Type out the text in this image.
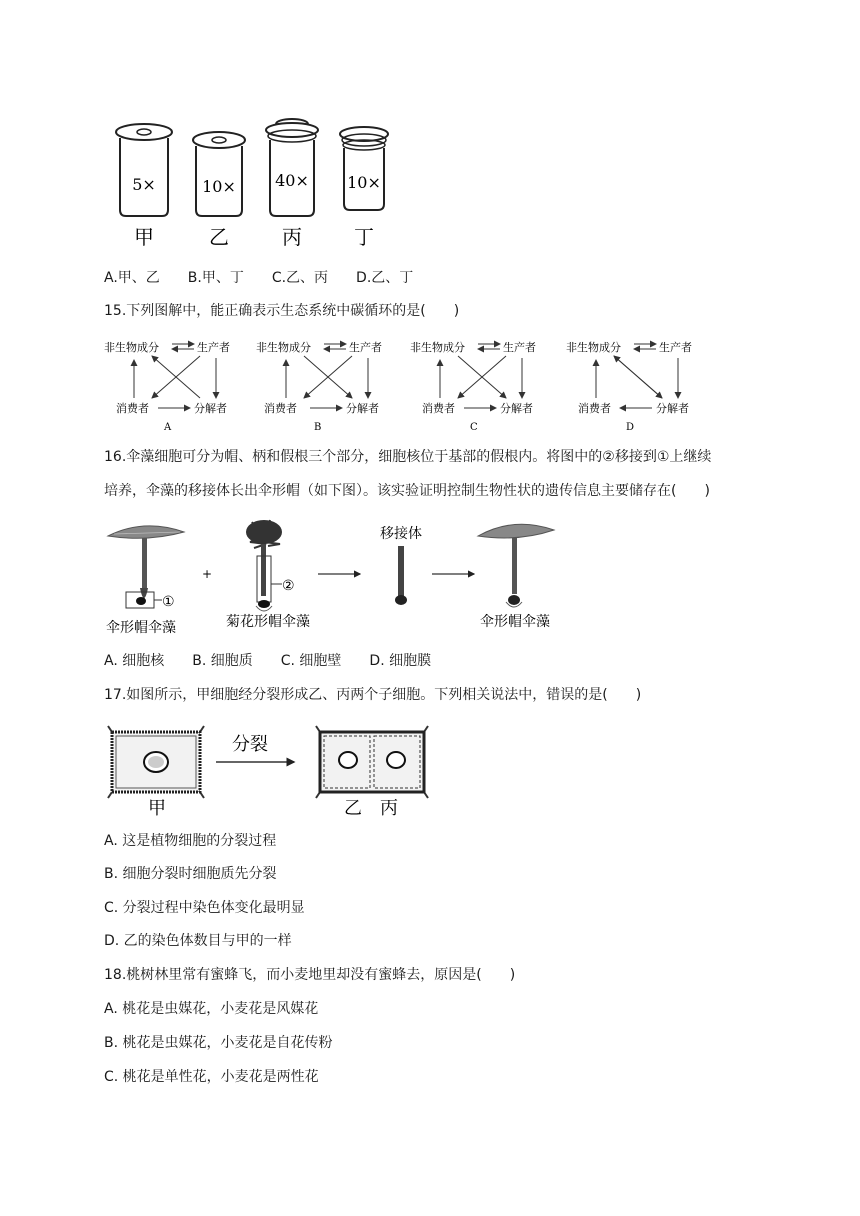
5×
甲
10×
乙
40×
丙
10×
丁
A.甲、乙　　B.甲、丁　　C.乙、丙　　D.乙、丁
15.下列图解中，能正确表示生态系统中碳循环的是(　　)
非生物成分	生产者
消费者	分解者
A
非生物成分	生产者
消费者	分解者
B
非生物成分	生产者
消费者	分解者
C
非生物成分	生产者
消费者	分解者
D
16.伞藻细胞可分为帽、柄和假根三个部分，细胞核位于基部的假根内。将图中的②移接到①上继续
培养，伞藻的移接体长出伞形帽（如下图）。该实验证明控制生物性状的遗传信息主要储存在(　　)
①
伞形帽伞藻
+
②
菊花形帽伞藻
移接体
伞形帽伞藻
A. 细胞核　　B. 细胞质　　C. 细胞壁　　D. 细胞膜
17.如图所示，甲细胞经分裂形成乙、丙两个子细胞。下列相关说法中，错误的是(　　)
甲
分裂
乙　丙
A. 这是植物细胞的分裂过程
B. 细胞分裂时细胞质先分裂
C. 分裂过程中染色体变化最明显
D. 乙的染色体数目与甲的一样
18.桃树林里常有蜜蜂飞，而小麦地里却没有蜜蜂去，原因是(　　)
A. 桃花是虫媒花，小麦花是风媒花
B. 桃花是虫媒花，小麦花是自花传粉
C. 桃花是单性花，小麦花是两性花
